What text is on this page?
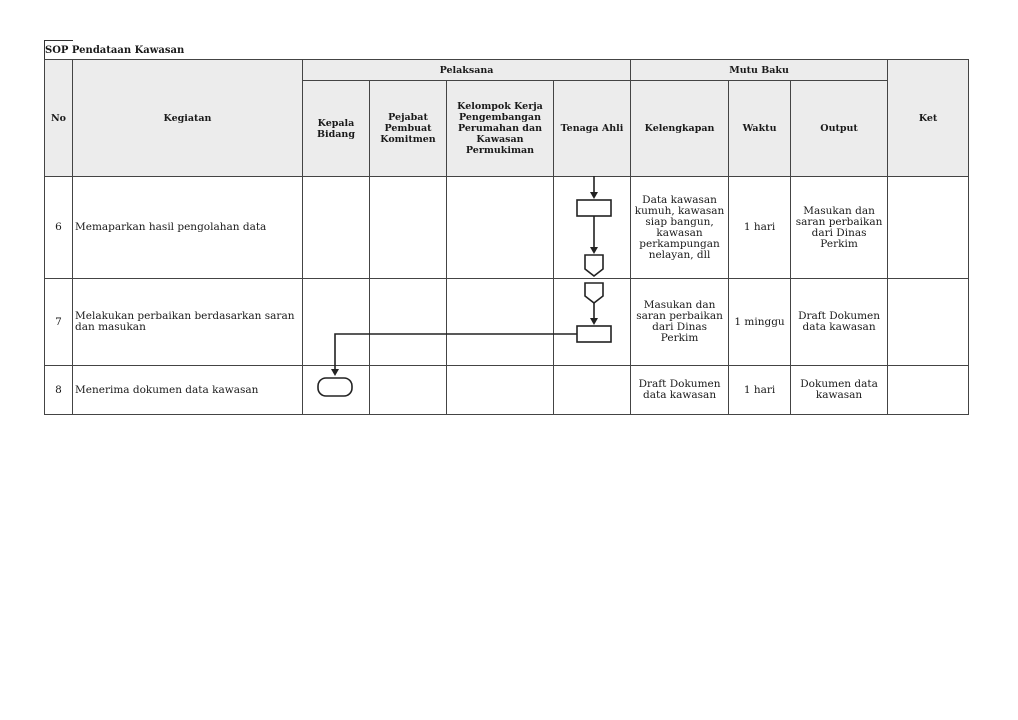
SOP Pendataan Kawasan
No	Kegiatan	Pelaksana				Mutu Baku			Ket
		Kepala Bidang	Pejabat Pembuat Komitmen	Kelompok Kerja Pengembangan Perumahan dan Kawasan Permukiman	Tenaga Ahli	Kelengkapan	Waktu	Output	
6	Memaparkan hasil pengolahan data					Data kawasan kumuh, kawasan siap bangun, kawasan perkampungan nelayan, dll	1 hari	Masukan dan saran perbaikan dari Dinas Perkim	
7	Melakukan perbaikan berdasarkan saran dan masukan					Masukan dan saran perbaikan dari Dinas Perkim	1 minggu	Draft Dokumen data kawasan	
8	Menerima dokumen data kawasan					Draft Dokumen data kawasan	1 hari	Dokumen data kawasan	
